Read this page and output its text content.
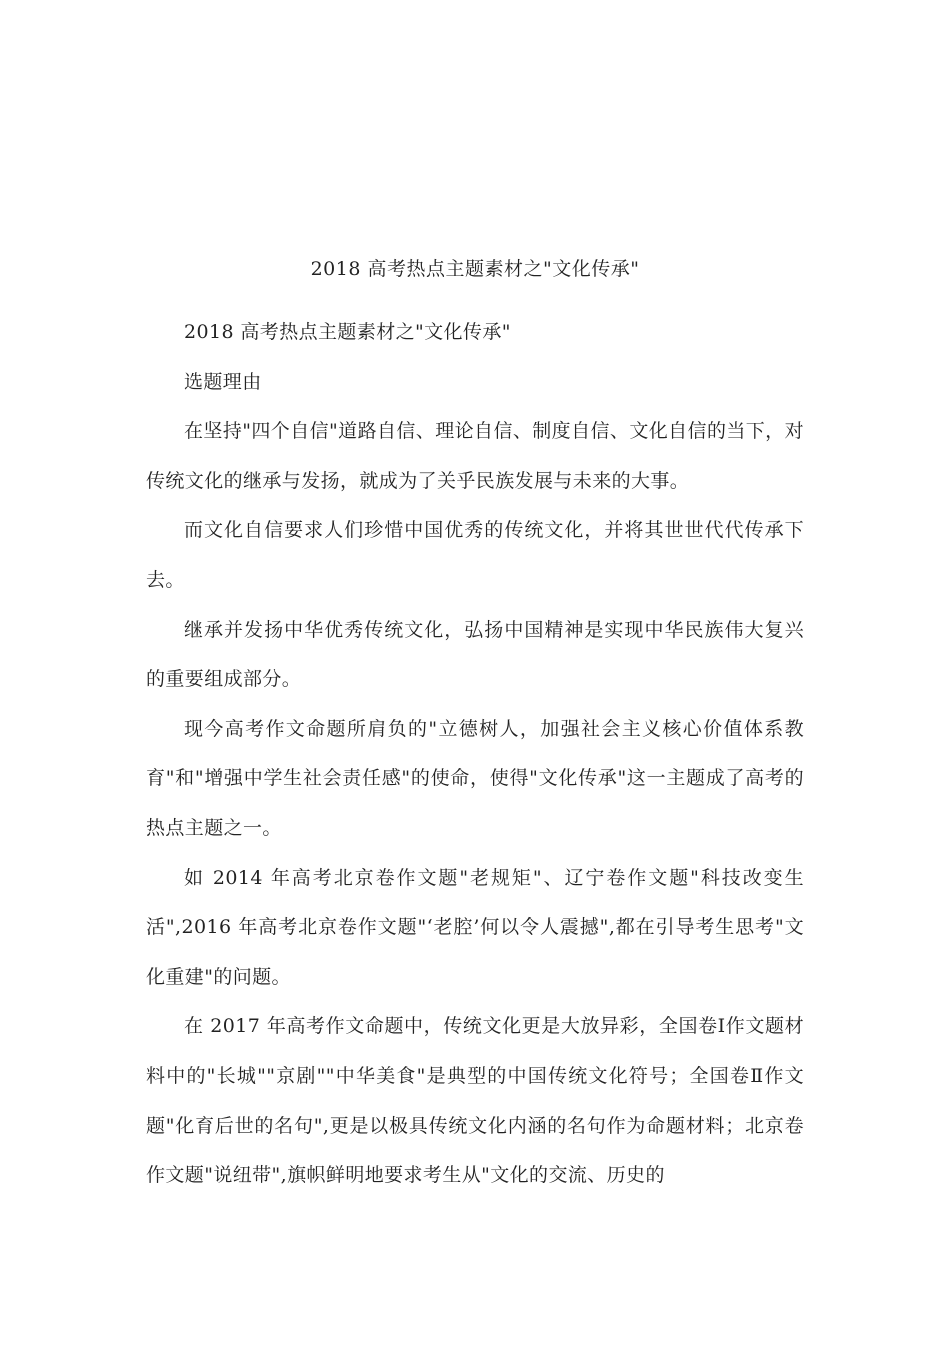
2018 高考热点主题素材之"文化传承"

2018 高考热点主题素材之"文化传承"

选题理由

在坚持"四个自信"道路自信、理论自信、制度自信、文化自信的当下，对传统文化的继承与发扬，就成为了关乎民族发展与未来的大事。

而文化自信要求人们珍惜中国优秀的传统文化，并将其世世代代传承下去。

继承并发扬中华优秀传统文化，弘扬中国精神是实现中华民族伟大复兴的重要组成部分。

现今高考作文命题所肩负的"立德树人，加强社会主义核心价值体系教育"和"增强中学生社会责任感"的使命，使得"文化传承"这一主题成了高考的热点主题之一。

如 2014 年高考北京卷作文题"老规矩"、辽宁卷作文题"科技改变生活",2016 年高考北京卷作文题"‘老腔’何以令人震撼",都在引导考生思考"文化重建"的问题。

在 2017 年高考作文命题中，传统文化更是大放异彩，全国卷Ⅰ作文题材料中的"长城""京剧""中华美食"是典型的中国传统文化符号；全国卷Ⅱ作文题"化育后世的名句",更是以极具传统文化内涵的名句作为命题材料；北京卷作文题"说纽带",旗帜鲜明地要求考生从"文化的交流、历史的
